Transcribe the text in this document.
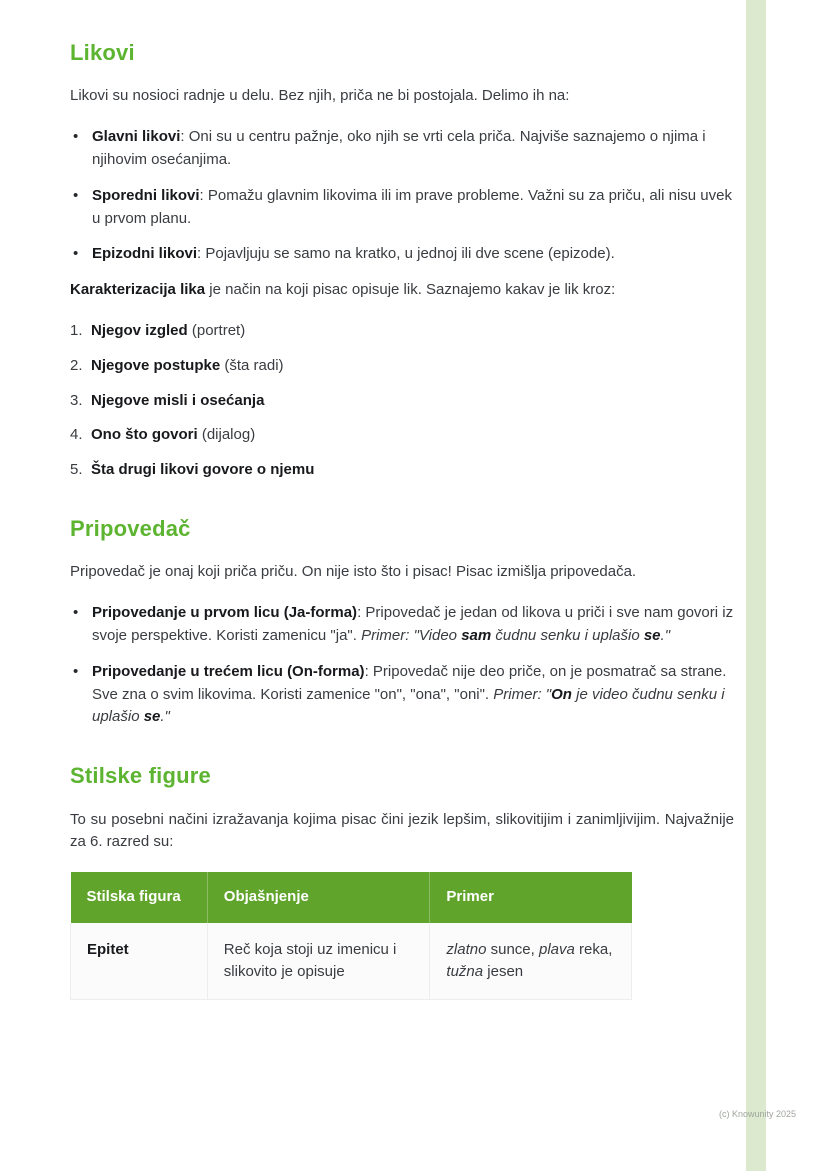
Likovi

Likovi su nosioci radnje u delu. Bez njih, priča ne bi postojala. Delimo ih na:

• Glavni likovi: Oni su u centru pažnje, oko njih se vrti cela priča. Najviše saznajemo o njima i njihovim osećanjima.
• Sporedni likovi: Pomažu glavnim likovima ili im prave probleme. Važni su za priču, ali nisu uvek u prvom planu.
• Epizodni likovi: Pojavljuju se samo na kratko, u jednoj ili dve scene (epizode).

Karakterizacija lika je način na koji pisac opisuje lik. Saznajemo kakav je lik kroz:

1. Njegov izgled (portret)
2. Njegove postupke (šta radi)
3. Njegove misli i osećanja
4. Ono što govori (dijalog)
5. Šta drugi likovi govore o njemu
Pripovedač

Pripovedač je onaj koji priča priču. On nije isto što i pisac! Pisac izmišlja pripovedača.

• Pripovedanje u prvom licu (Ja-forma): Pripovedač je jedan od likova u priči i sve nam govori iz svoje perspektive. Koristi zamenicu "ja". Primer: "Video sam čudnu senku i uplašio se."
• Pripovedanje u trećem licu (On-forma): Pripovedač nije deo priče, on je posmatrač sa strane. Sve zna o svim likovima. Koristi zamenice "on", "ona", "oni". Primer: "On je video čudnu senku i uplašio se."
Stilske figure

To su posebni načini izražavanja kojima pisac čini jezik lepšim, slikovitijim i zanimljivijim. Najvažnije za 6. razred su:

Stilska figura	Objašnjenje	Primer
Epitet	Reč koja stoji uz imenicu i slikovito je opisuje	zlatno sunce, plava reka, tužna jesen
(c) Knowunity 2025
